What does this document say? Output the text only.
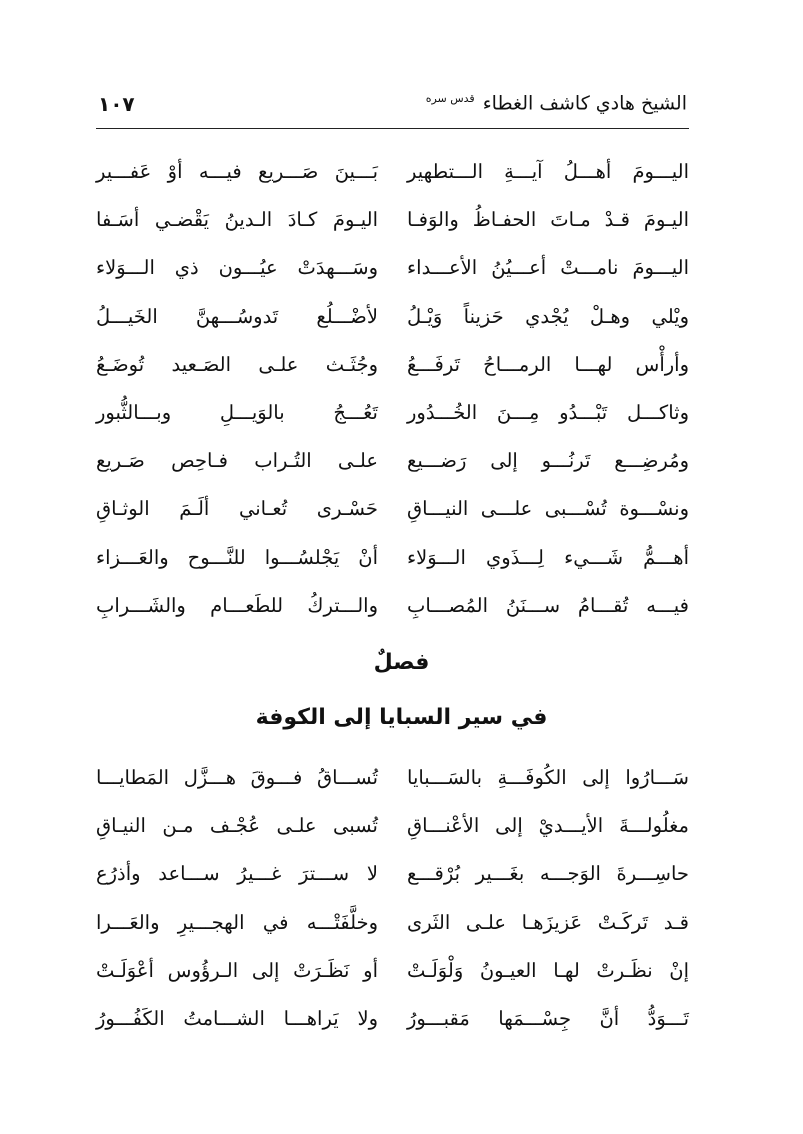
الشيخ هادي كاشف الغطاء $^{قدس سره}$
١٠٧
اليـــومَ أهـــلُ آيـــةِ الـــتطهير
بَـــينَ صَـــريع فيـــه أوْ عَفـــير
اليـومَ قـدْ مـاتَ الحفـاظُ والوَفـا
اليـومَ كـادَ الـدينُ يَقْضـي أسَـفا
اليـــومَ نامـــتْ أعـــيُنُ الأعـــداء
وسَـــهدَتْ عيُـــون ذي الـــوَلاء
ويْلي وهـلْ يُجْدي حَزيناً وَيْـلُ
لأضْـــلُع تَدوسُـــهنَّ الخَيـــلُ
وأرأْس لهـــا الرمـــاحُ تَرفَـــعُ
وجُثَـث علـى الصَـعيد تُوضَـعُ
وثاكـــل تَبْـــدُو مِـــنَ الخُـــدُور
تَعُـــجُ بالوَيـــلِ وبـــالثُّبور
ومُرضِـــع تَرنُـــو إلى رَضـــيع
علـى التُـراب فـاحِص صَـريع
ونسْـــوة تُسْـــبى علـــى النيـــاقِ
حَسْـرى تُعـاني ألَـمَ الوثـاقِ
أهـــمُّ شَـــيء لِـــذَوي الـــوَلاء
أنْ يَجْلسُـــوا للنَّـــوح والعَـــزاء
فيـــه تُقـــامُ ســـنَنُ المُصـــابِ
والـــتركُ للطَعـــام والشَـــرابِ
فصلٌ
في سير السبايا إلى الكوفة
سَـــارُوا إلى الكُوفَـــةِ بالسَـــبايا
تُســـاقُ فـــوقَ هـــزَّل المَطايـــا
مغلُولـــةَ الأيـــديْ إلى الأعْنـــاقِ
تُسبى علـى عُجْـف مـن النيـاقِ
حاسِـــرةَ الوَجـــه بغَـــير بُرْقـــع
لا ســـترَ غـــيرُ ســـاعد وأذرُع
قـد تَركَـتْ عَزيزَهـا علـى الثَرى
وخلَّفَتْـــه في الهجـــيرِ والعَـــرا
إنْ نظَـرتْ لهـا العيـونُ وَلْوَلَـتْ
أو نَظَـرَتْ إلى الـرؤُوس أعْوَلَـتْ
تَـــوَدُّ أنَّ جِسْـــمَها مَقبـــورُ
ولا يَراهـــا الشـــامتُ الكَفُـــورُ
